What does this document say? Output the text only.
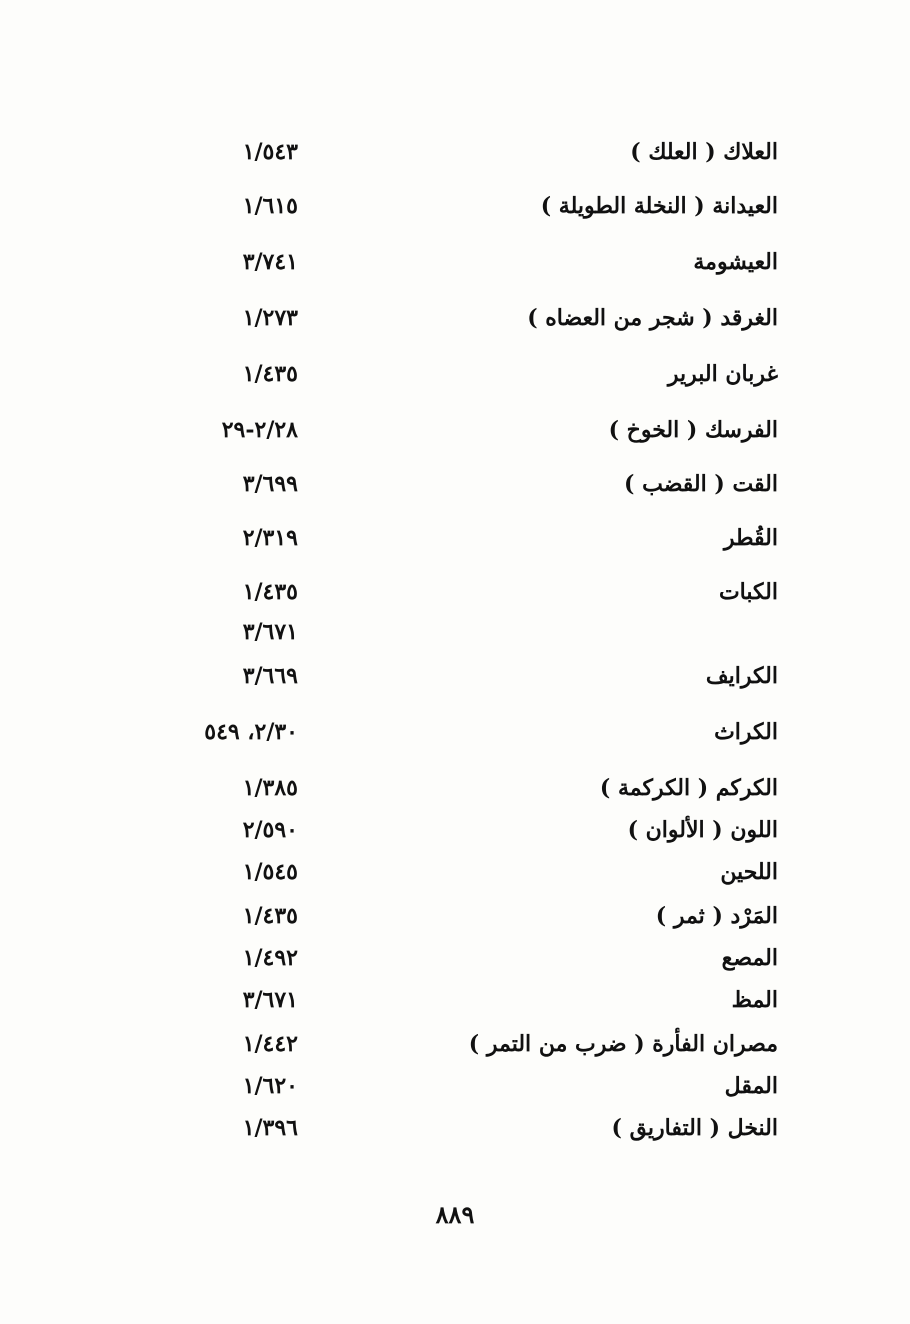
العلاك ( العلك )
١/٥٤٣
العيدانة ( النخلة الطويلة )
١/٦١٥
العيشومة
٣/٧٤١
الغرقد ( شجر من العضاه )
١/٢٧٣
غربان البرير
١/٤٣٥
الفرسك ( الخوخ )
٢/٢٨-٢٩
القت ( القضب )
٣/٦٩٩
القُطر
٢/٣١٩
الكبات
١/٤٣٥
٣/٦٧١
الكرايف
٣/٦٦٩
الكراث
٢/٣٠، ٥٤٩
الكركم ( الكركمة )
١/٣٨٥
اللون ( الألوان )
٢/٥٩٠
اللحين
١/٥٤٥
المَرْد ( ثمر )
١/٤٣٥
المصع
١/٤٩٢
المظ
٣/٦٧١
مصران الفأرة ( ضرب من التمر )
١/٤٤٢
المقل
١/٦٢٠
النخل ( التفاريق )
١/٣٩٦
٨٨٩
